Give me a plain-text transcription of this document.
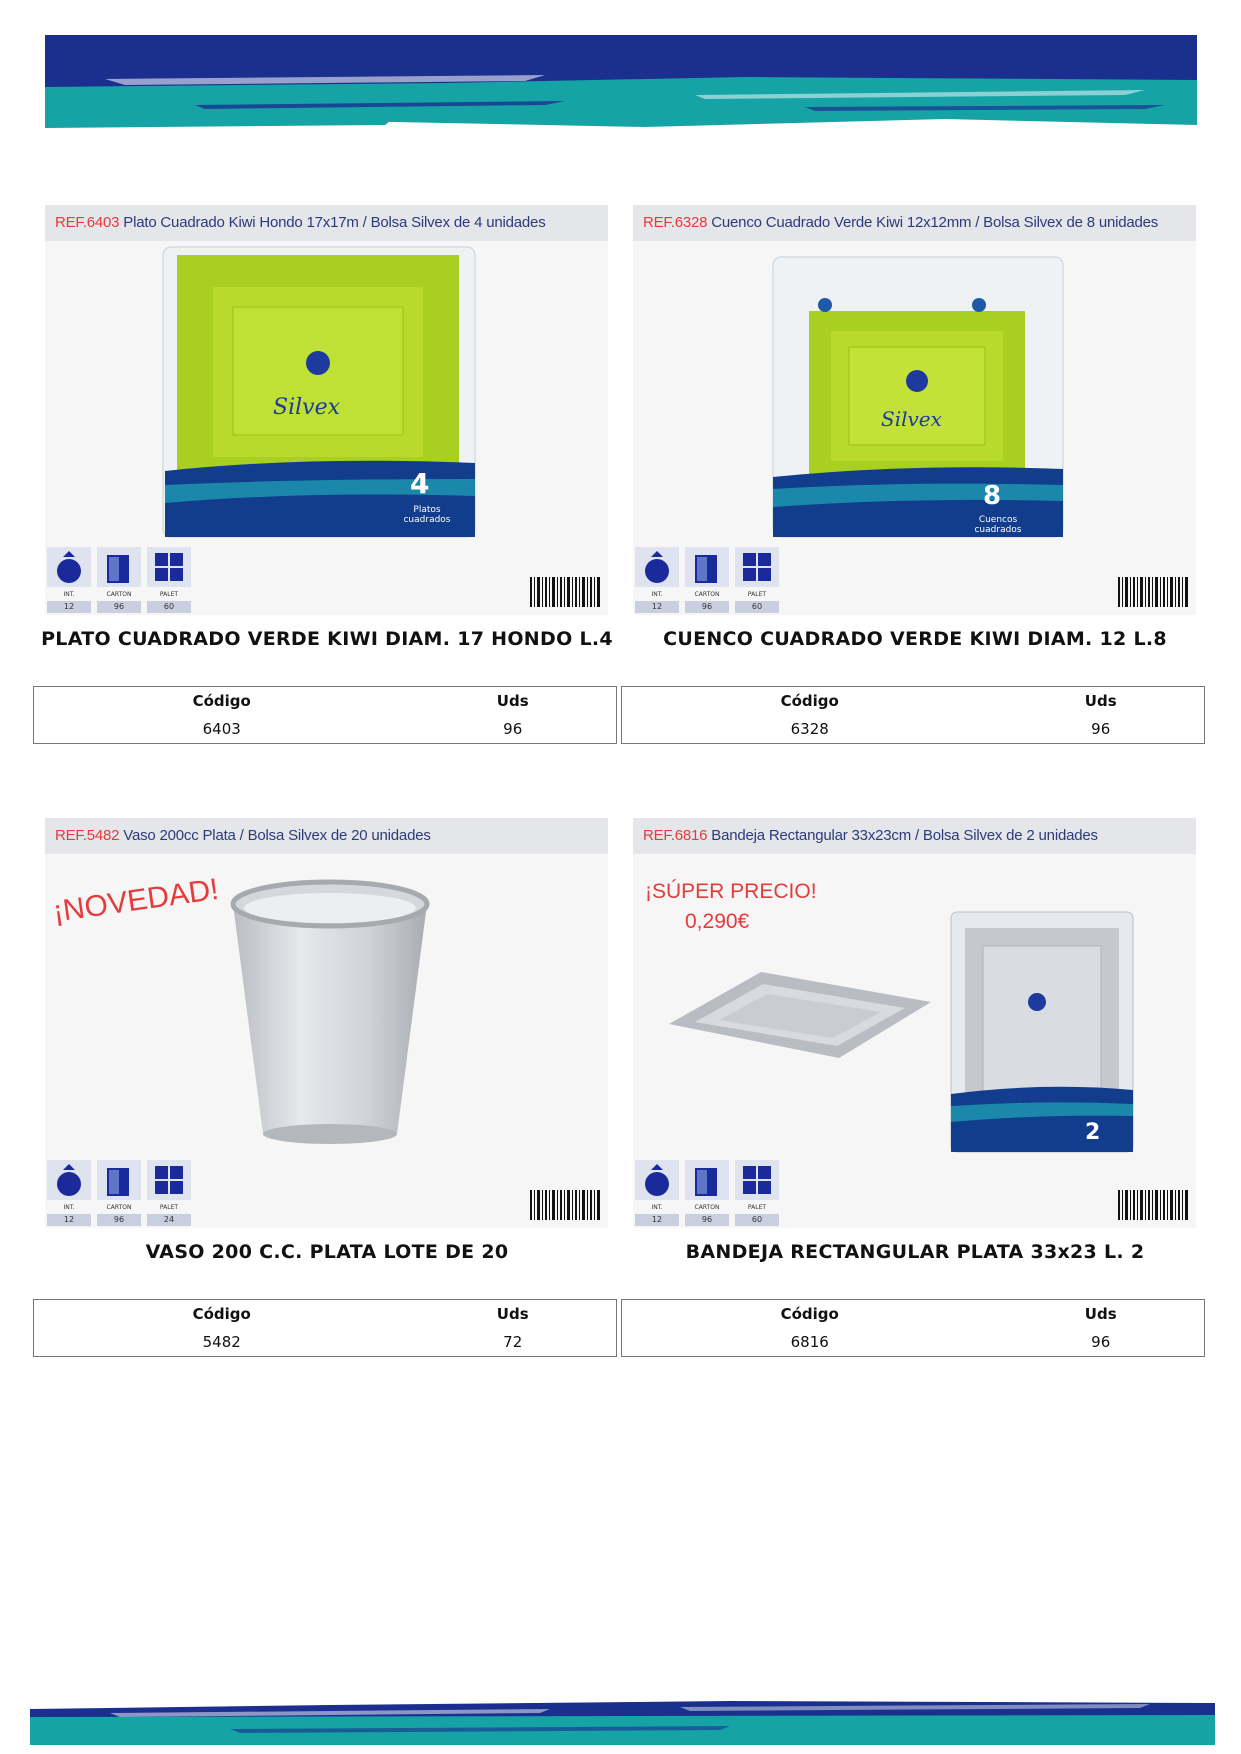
REF.6403 Plato Cuadrado Kiwi Hondo 17x17m / Bolsa Silvex de 4 unidades
Silvex
4
Platos cuadrados
INT.	CARTON	PALET
12	96	60
PLATO CUADRADO VERDE KIWI DIAM. 17 HONDO L.4
Código	Uds
6403	96
REF.6328 Cuenco Cuadrado Verde Kiwi 12x12mm / Bolsa Silvex de 8 unidades
Silvex
8
Cuencos cuadrados
INT.	CARTON	PALET
12	96	60
CUENCO CUADRADO VERDE KIWI DIAM. 12 L.8
Código	Uds
6328	96
REF.5482 Vaso 200cc Plata / Bolsa Silvex de 20 unidades
¡NOVEDAD!
INT.	CARTON	PALET
12	96	24
VASO 200 C.C. PLATA LOTE DE 20
Código	Uds
5482	72
REF.6816 Bandeja Rectangular 33x23cm / Bolsa Silvex de 2 unidades
¡SÚPER PRECIO!
0,290€
Silvex
2
INT.	CARTON	PALET
12	96	60
BANDEJA RECTANGULAR PLATA 33x23 L. 2
Código	Uds
6816	96
